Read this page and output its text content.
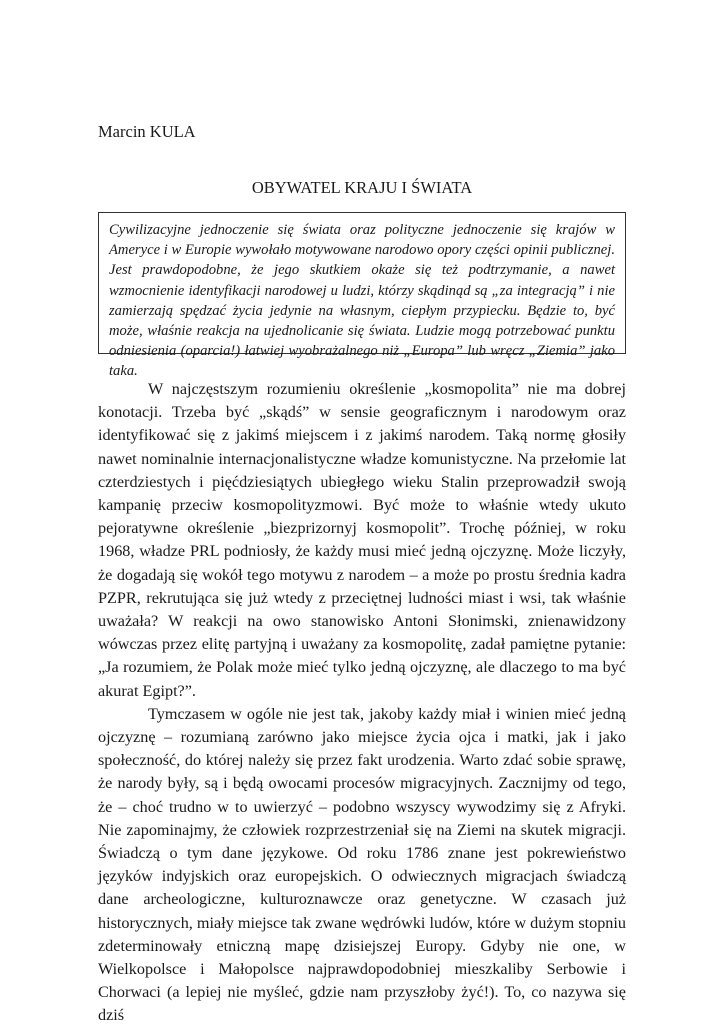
Marcin KULA

OBYWATEL KRAJU I ŚWIATA

Cywilizacyjne jednoczenie się świata oraz polityczne jednoczenie się krajów w Ameryce i w Europie wywołało motywowane narodowo opory części opinii publicznej. Jest prawdopodobne, że jego skutkiem okaże się też podtrzymanie, a nawet wzmocnienie identyfikacji narodowej u ludzi, którzy skądinąd są „za integracją” i nie zamierzają spędzać życia jedynie na własnym, ciepłym przypiecku. Będzie to, być może, właśnie reakcja na ujednolicanie się świata. Ludzie mogą potrzebować punktu odniesienia (oparcia!) łatwiej wyobrażalnego niż „Europa” lub wręcz „Ziemia” jako taka.

W najczęstszym rozumieniu określenie „kosmopolita” nie ma dobrej konotacji. Trzeba być „skądś” w sensie geograficznym i narodowym oraz identyfikować się z jakimś miejscem i z jakimś narodem. Taką normę głosiły nawet nominalnie internacjonalistyczne władze komunistyczne. Na przełomie lat czterdziestych i pięćdziesiątych ubiegłego wieku Stalin przeprowadził swoją kampanię przeciw kosmopolityzmowi. Być może to właśnie wtedy ukuto pejoratywne określenie „biezprizornyj kosmopolit”. Trochę później, w roku 1968, władze PRL podniosły, że każdy musi mieć jedną ojczyznę. Może liczyły, że dogadają się wokół tego motywu z narodem – a może po prostu średnia kadra PZPR, rekrutująca się już wtedy z przeciętnej ludności miast i wsi, tak właśnie uważała? W reakcji na owo stanowisko Antoni Słonimski, znienawidzony wówczas przez elitę partyjną i uważany za kosmopolitę, zadał pamiętne pytanie: „Ja rozumiem, że Polak może mieć tylko jedną ojczyznę, ale dlaczego to ma być akurat Egipt?”.

Tymczasem w ogóle nie jest tak, jakoby każdy miał i winien mieć jedną ojczyznę – rozumianą zarówno jako miejsce życia ojca i matki, jak i jako społeczność, do której należy się przez fakt urodzenia. Warto zdać sobie sprawę, że narody były, są i będą owocami procesów migracyjnych. Zacznijmy od tego, że – choć trudno w to uwierzyć – podobno wszyscy wywodzimy się z Afryki. Nie zapominajmy, że człowiek rozprzestrzeniał się na Ziemi na skutek migracji. Świadczą o tym dane językowe. Od roku 1786 znane jest pokrewieństwo języków indyjskich oraz europejskich. O odwiecznych migracjach świadczą dane archeologiczne, kulturoznawcze oraz genetyczne. W czasach już historycznych, miały miejsce tak zwane wędrówki ludów, które w dużym stopniu zdeterminowały etniczną mapę dzisiejszej Europy. Gdyby nie one, w Wielkopolsce i Małopolsce najprawdopodobniej mieszkaliby Serbowie i Chorwaci (a lepiej nie myśleć, gdzie nam przyszłoby żyć!). To, co nazywa się dziś
